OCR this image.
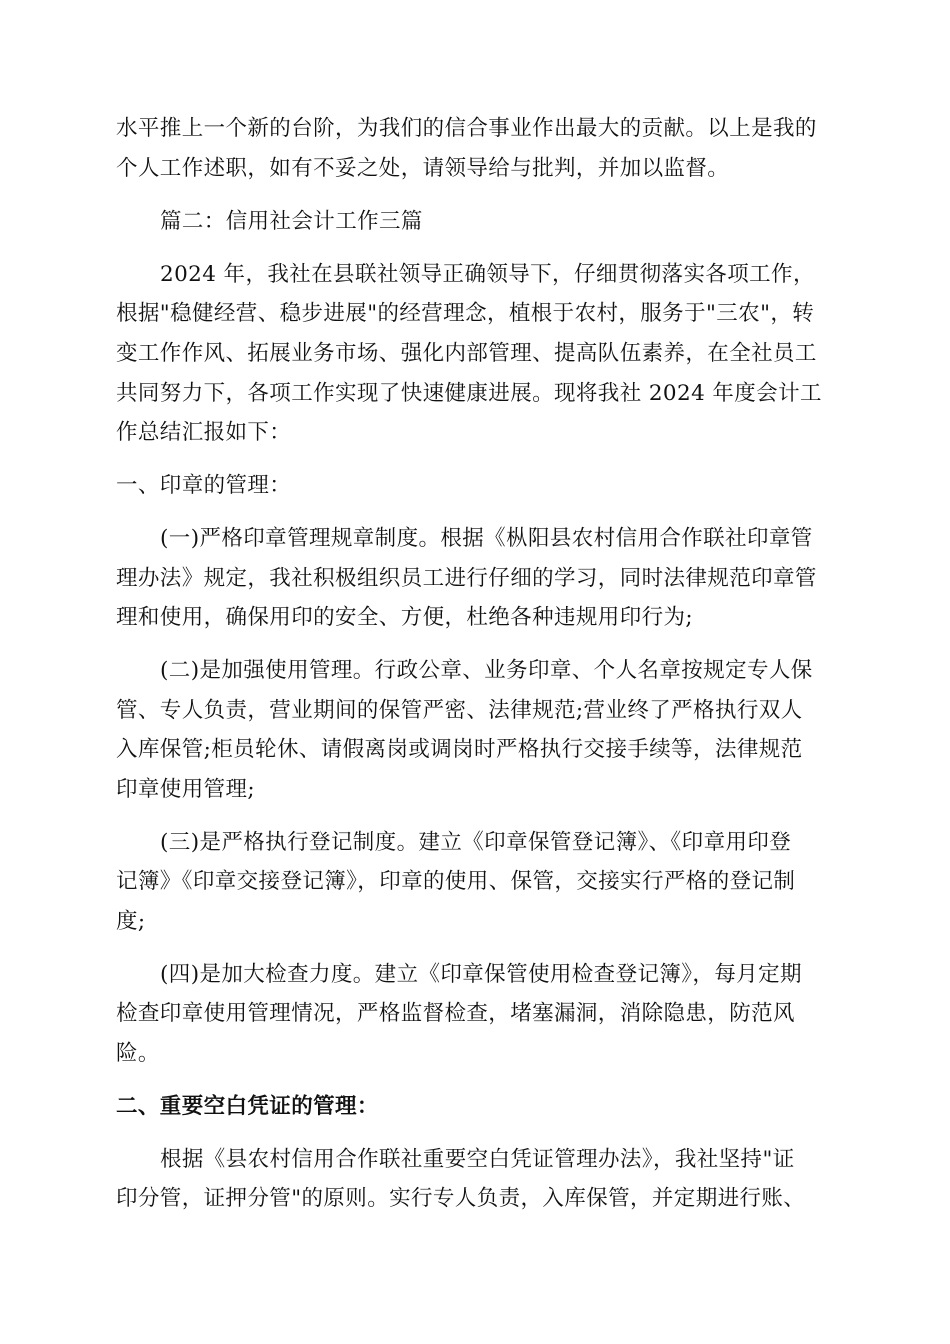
水平推上一个新的台阶，为我们的信合事业作出最大的贡献。以上是我的
个人工作述职，如有不妥之处，请领导给与批判，并加以监督。
篇二：信用社会计工作三篇
2024 年，我社在县联社领导正确领导下，仔细贯彻落实各项工作，
根据"稳健经营、稳步进展"的经营理念，植根于农村，服务于"三农"，转
变工作作风、拓展业务市场、强化内部管理、提高队伍素养，在全社员工
共同努力下，各项工作实现了快速健康进展。现将我社 2024 年度会计工
作总结汇报如下：
一、印章的管理：
(一)严格印章管理规章制度。根据《枞阳县农村信用合作联社印章管
理办法》规定，我社积极组织员工进行仔细的学习，同时法律规范印章管
理和使用，确保用印的安全、方便，杜绝各种违规用印行为;
(二)是加强使用管理。行政公章、业务印章、个人名章按规定专人保
管、专人负责，营业期间的保管严密、法律规范;营业终了严格执行双人
入库保管;柜员轮休、请假离岗或调岗时严格执行交接手续等，法律规范
印章使用管理;
(三)是严格执行登记制度。建立《印章保管登记簿》、《印章用印登
记簿》《印章交接登记簿》，印章的使用、保管，交接实行严格的登记制
度;
(四)是加大检查力度。建立《印章保管使用检查登记簿》，每月定期
检查印章使用管理情况，严格监督检查，堵塞漏洞，消除隐患，防范风
险。
二、重要空白凭证的管理：
根据《县农村信用合作联社重要空白凭证管理办法》，我社坚持"证
印分管，证押分管"的原则。实行专人负责，入库保管，并定期进行账、
